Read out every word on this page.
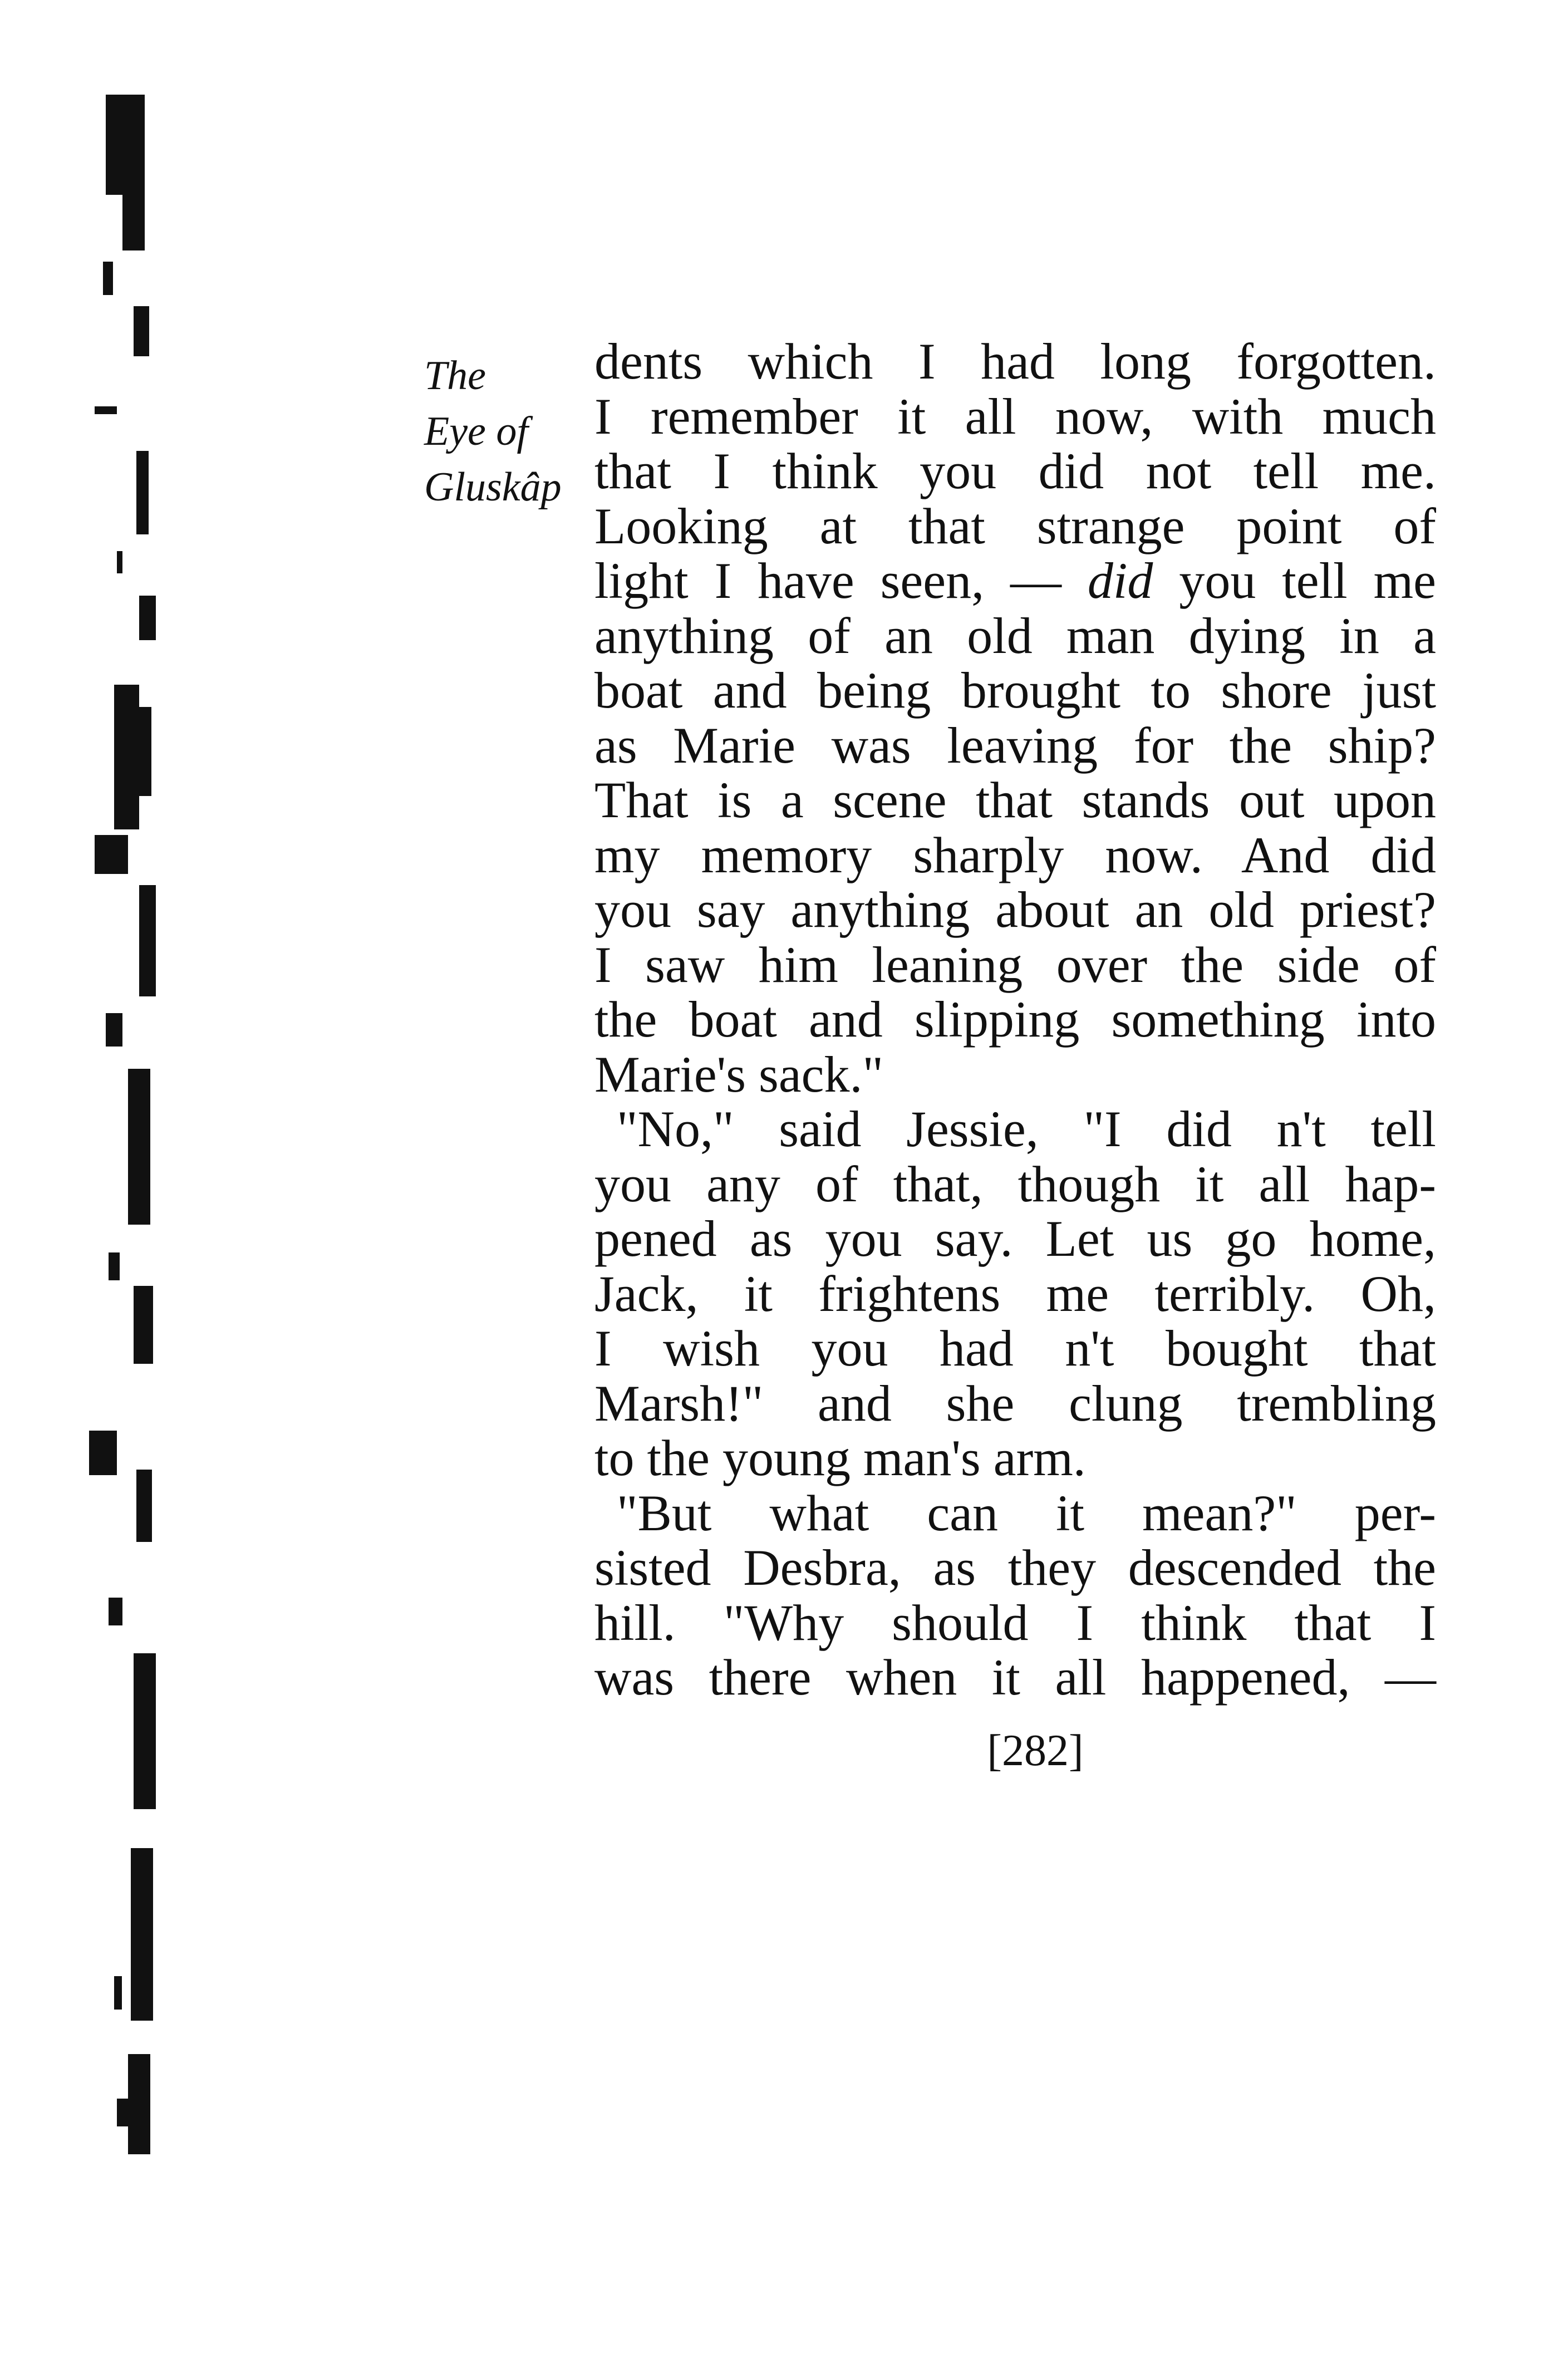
The
Eye of
Gluskâp
dents which I had long forgotten.
I remember it all now, with much
that I think you did not tell me.
Looking at that strange point of
light I have seen, — did you tell me
anything of an old man dying in a
boat and being brought to shore just
as Marie was leaving for the ship?
That is a scene that stands out upon
my memory sharply now. And did
you say anything about an old priest?
I saw him leaning over the side of
the boat and slipping something into
Marie's sack."
"No," said Jessie, "I did n't tell
you any of that, though it all hap-
pened as you say. Let us go home,
Jack, it frightens me terribly. Oh,
I wish you had n't bought that
Marsh!" and she clung trembling
to the young man's arm.
"But what can it mean?" per-
sisted Desbra, as they descended the
hill. "Why should I think that I
was there when it all happened, —
[282]
